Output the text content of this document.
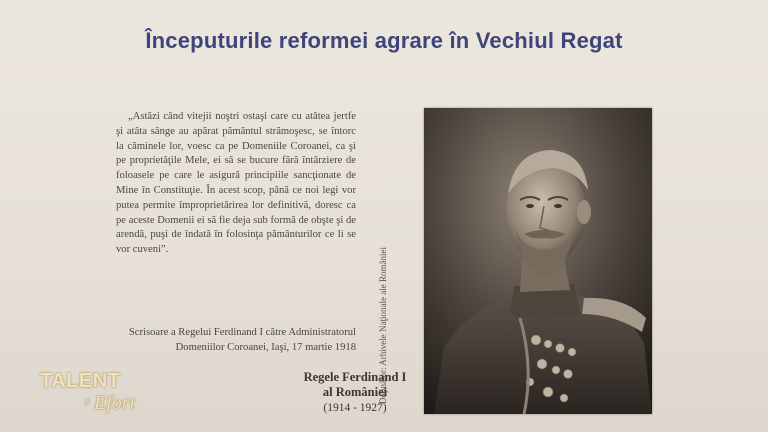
Începuturile reformei agrare în Vechiul Regat

„Astăzi când vitejii noştri ostaşi care cu atâtea jertfe şi atâta sânge au apărat pământul strămoşesc, se întorc la căminele lor, voesc ca pe Domeniile Coroanei, ca şi pe proprietăţile Mele, ei să se bucure fără întârziere de foloasele pe care le asigură principiile sancţionate de Mine în Constituţie. În acest scop, până ce noi legi vor putea permite împroprietărirea lor definitivă, doresc ca pe aceste Domenii ei să fie deja sub formă de obşte şi de arendă, puşi de îndată în folosinţa pământurilor ce li se vor cuveni”.

Scrisoare a Regelui Ferdinand I către Administratorul Domeniilor Coroanei, Iaşi, 17 martie 1918 Deţinător: Arhivele Naţionale ale României
Regele Ferdinand I
al României
(1914 - 1927)
TALENT
şi Efort
